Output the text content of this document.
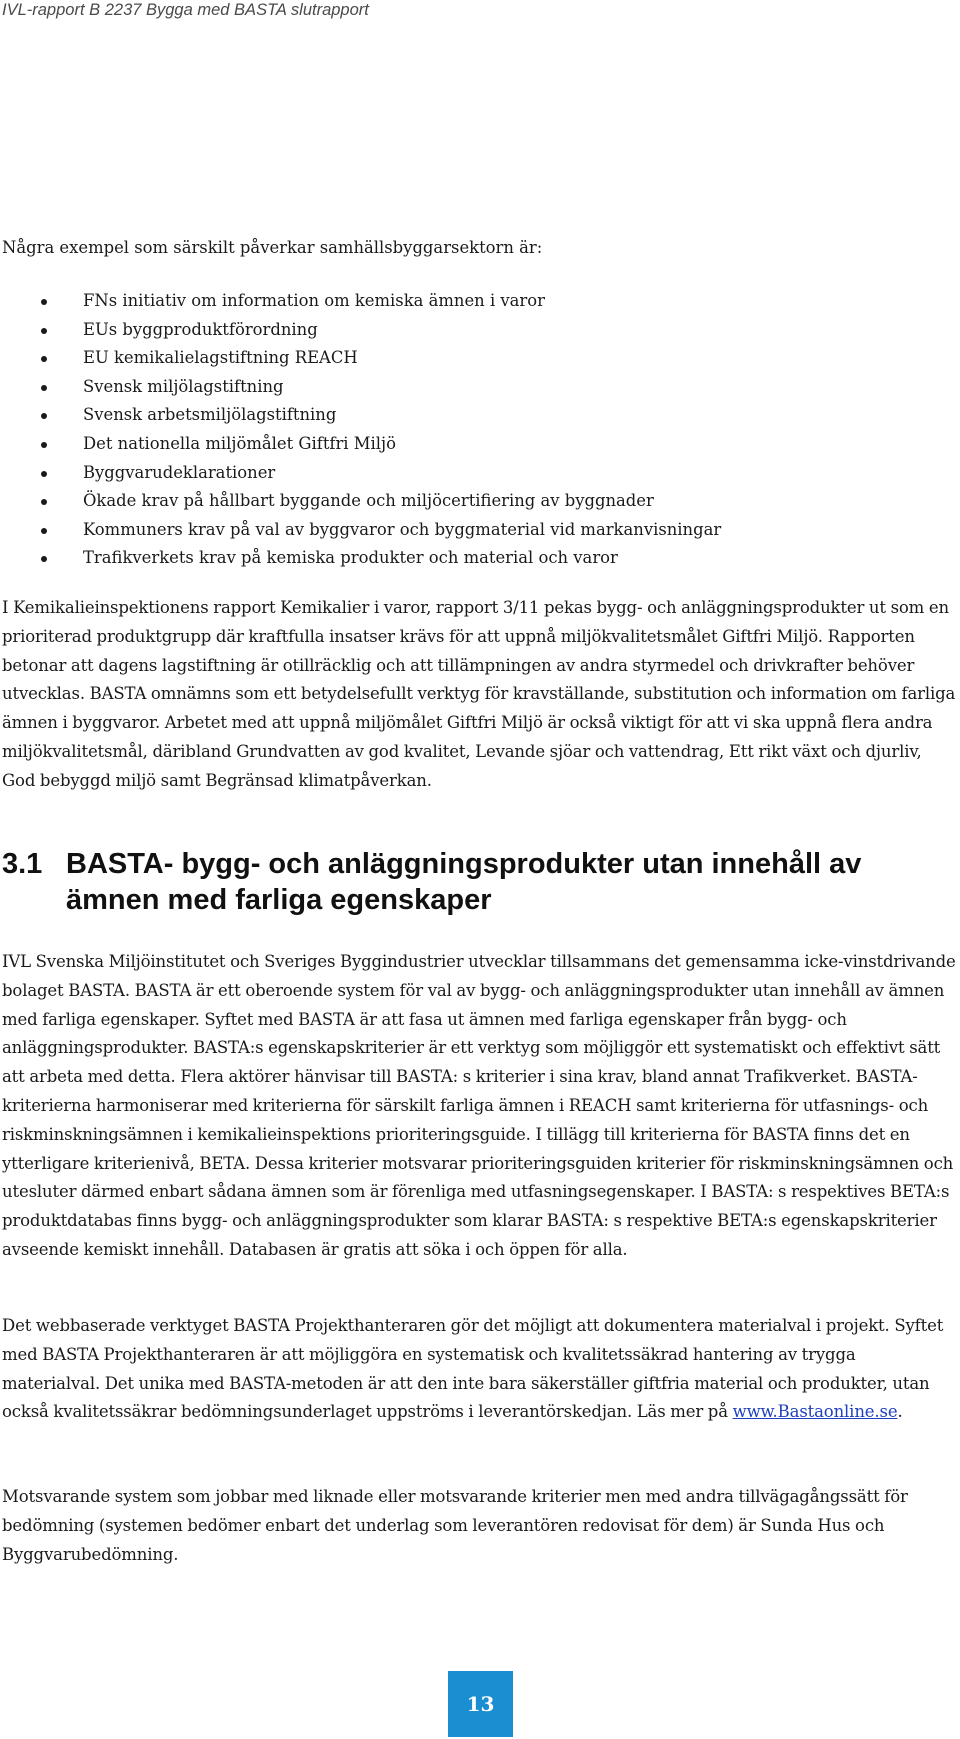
IVL-rapport B 2237 Bygga med BASTA slutrapport

Några exempel som särskilt påverkar samhällsbyggarsektorn är:

FNs initiativ om information om kemiska ämnen i varor
EUs byggproduktförordning
EU kemikalielagstiftning REACH
Svensk miljölagstiftning
Svensk arbetsmiljölagstiftning
Det nationella miljömålet Giftfri Miljö
Byggvarudeklarationer
Ökade krav på hållbart byggande och miljöcertifiering av byggnader
Kommuners krav på val av byggvaror och byggmaterial vid markanvisningar
Trafikverkets krav på kemiska produkter och material och varor

I Kemikalieinspektionens rapport Kemikalier i varor, rapport 3/11 pekas bygg- och anläggningsprodukter ut som en prioriterad produktgrupp där kraftfulla insatser krävs för att uppnå miljökvalitetsmålet Giftfri Miljö. Rapporten betonar att dagens lagstiftning är otillräcklig och att tillämpningen av andra styrmedel och drivkrafter behöver utvecklas. BASTA omnämns som ett betydelsefullt verktyg för kravställande, substitution och information om farliga ämnen i byggvaror. Arbetet med att uppnå miljömålet Giftfri Miljö är också viktigt för att vi ska uppnå flera andra miljökvalitetsmål, däribland Grundvatten av god kvalitet, Levande sjöar och vattendrag, Ett rikt växt och djurliv, God bebyggd miljö samt Begränsad klimatpåverkan.

3.1 BASTA- bygg- och anläggningsprodukter utan innehåll av ämnen med farliga egenskaper

IVL Svenska Miljöinstitutet och Sveriges Byggindustrier utvecklar tillsammans det gemensamma icke-vinstdrivande bolaget BASTA. BASTA är ett oberoende system för val av bygg- och anläggningsprodukter utan innehåll av ämnen med farliga egenskaper. Syftet med BASTA är att fasa ut ämnen med farliga egenskaper från bygg- och anläggningsprodukter. BASTA:s egenskapskriterier är ett verktyg som möjliggör ett systematiskt och effektivt sätt att arbeta med detta. Flera aktörer hänvisar till BASTA: s kriterier i sina krav, bland annat Trafikverket. BASTA-kriterierna harmoniserar med kriterierna för särskilt farliga ämnen i REACH samt kriterierna för utfasnings- och riskminskningsämnen i kemikalieinspektions prioriteringsguide. I tillägg till kriterierna för BASTA finns det en ytterligare kriterienivå, BETA. Dessa kriterier motsvarar prioriteringsguiden kriterier för riskminskningsämnen och utesluter därmed enbart sådana ämnen som är förenliga med utfasningsegenskaper. I BASTA: s respektives BETA:s produktdatabas finns bygg- och anläggningsprodukter som klarar BASTA: s respektive BETA:s egenskapskriterier avseende kemiskt innehåll. Databasen är gratis att söka i och öppen för alla.

Det webbaserade verktyget BASTA Projekthanteraren gör det möjligt att dokumentera materialval i projekt. Syftet med BASTA Projekthanteraren är att möjliggöra en systematisk och kvalitetssäkrad hantering av trygga materialval. Det unika med BASTA-metoden är att den inte bara säkerställer giftfria material och produkter, utan också kvalitetssäkrar bedömningsunderlaget uppströms i leverantörskedjan. Läs mer på www.Bastaonline.se.

Motsvarande system som jobbar med liknade eller motsvarande kriterier men med andra tillvägagångssätt för bedömning (systemen bedömer enbart det underlag som leverantören redovisat för dem) är Sunda Hus och Byggvarubedömning.

13
